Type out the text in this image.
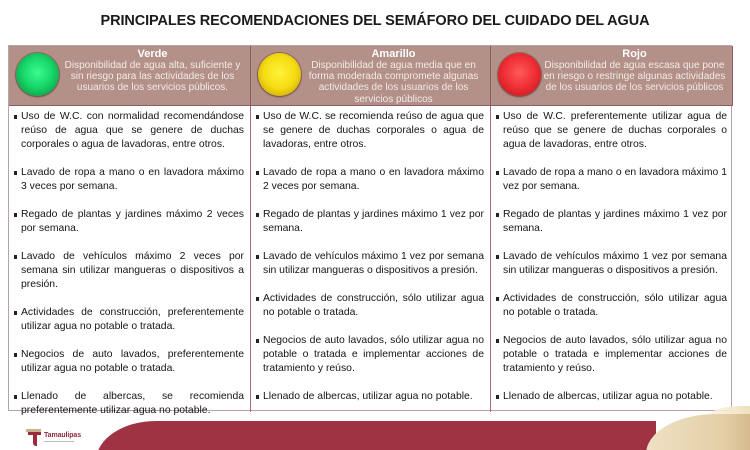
PRINCIPALES RECOMENDACIONES DEL SEMÁFORO DEL CUIDADO DEL AGUA
Verde
Disponibilidad de agua alta, suficiente y sin riesgo para las actividades de los usuarios de los servicios públicos.
Amarillo
Disponibilidad de agua media que en forma moderada compromete algunas actividades de los usuarios de los servicios públicos
Rojo
Disponibilidad de agua escasa que pone en riesgo o restringe algunas actividades de los usuarios de los servicios públicos
Uso de W.C. con normalidad recomendándose reúso de agua que se genere de duchas corporales o agua de lavadoras, entre otros.
Lavado de ropa a mano o en lavadora máximo 3 veces por semana.
Regado de plantas y jardines máximo 2 veces por semana.
Lavado de vehículos máximo 2 veces por semana sin utilizar mangueras o dispositivos a presión.
Actividades de construcción, preferentemente utilizar agua no potable o tratada.
Negocios de auto lavados, preferentemente utilizar agua no potable o tratada.
Llenado de albercas, se recomienda preferentemente utilizar agua no potable.
Uso de W.C. se recomienda reúso de agua que se genere de duchas corporales o agua de lavadoras, entre otros.
Lavado de ropa a mano o en lavadora máximo 2 veces por semana.
Regado de plantas y jardines máximo 1 vez por semana.
Lavado de vehículos máximo 1 vez por semana sin utilizar mangueras o dispositivos a presión.
Actividades de construcción, sólo utilizar agua no potable o tratada.
Negocios de auto lavados, sólo utilizar agua no potable o tratada e implementar acciones de tratamiento y reúso.
Llenado de albercas, utilizar agua no potable.
Uso de W.C. preferentemente utilizar agua de reúso que se genere de duchas corporales o agua de lavadoras, entre otros.
Lavado de ropa a mano o en lavadora máximo 1 vez por semana.
Regado de plantas y jardines máximo 1 vez por semana.
Lavado de vehículos máximo 1 vez por semana sin utilizar mangueras o dispositivos a presión.
Actividades de construcción, sólo utilizar agua no potable o tratada.
Negocios de auto lavados, sólo utilizar agua no potable o tratada e implementar acciones de tratamiento y reúso.
Llenado de albercas, utilizar agua no potable.
Tamaulipas
